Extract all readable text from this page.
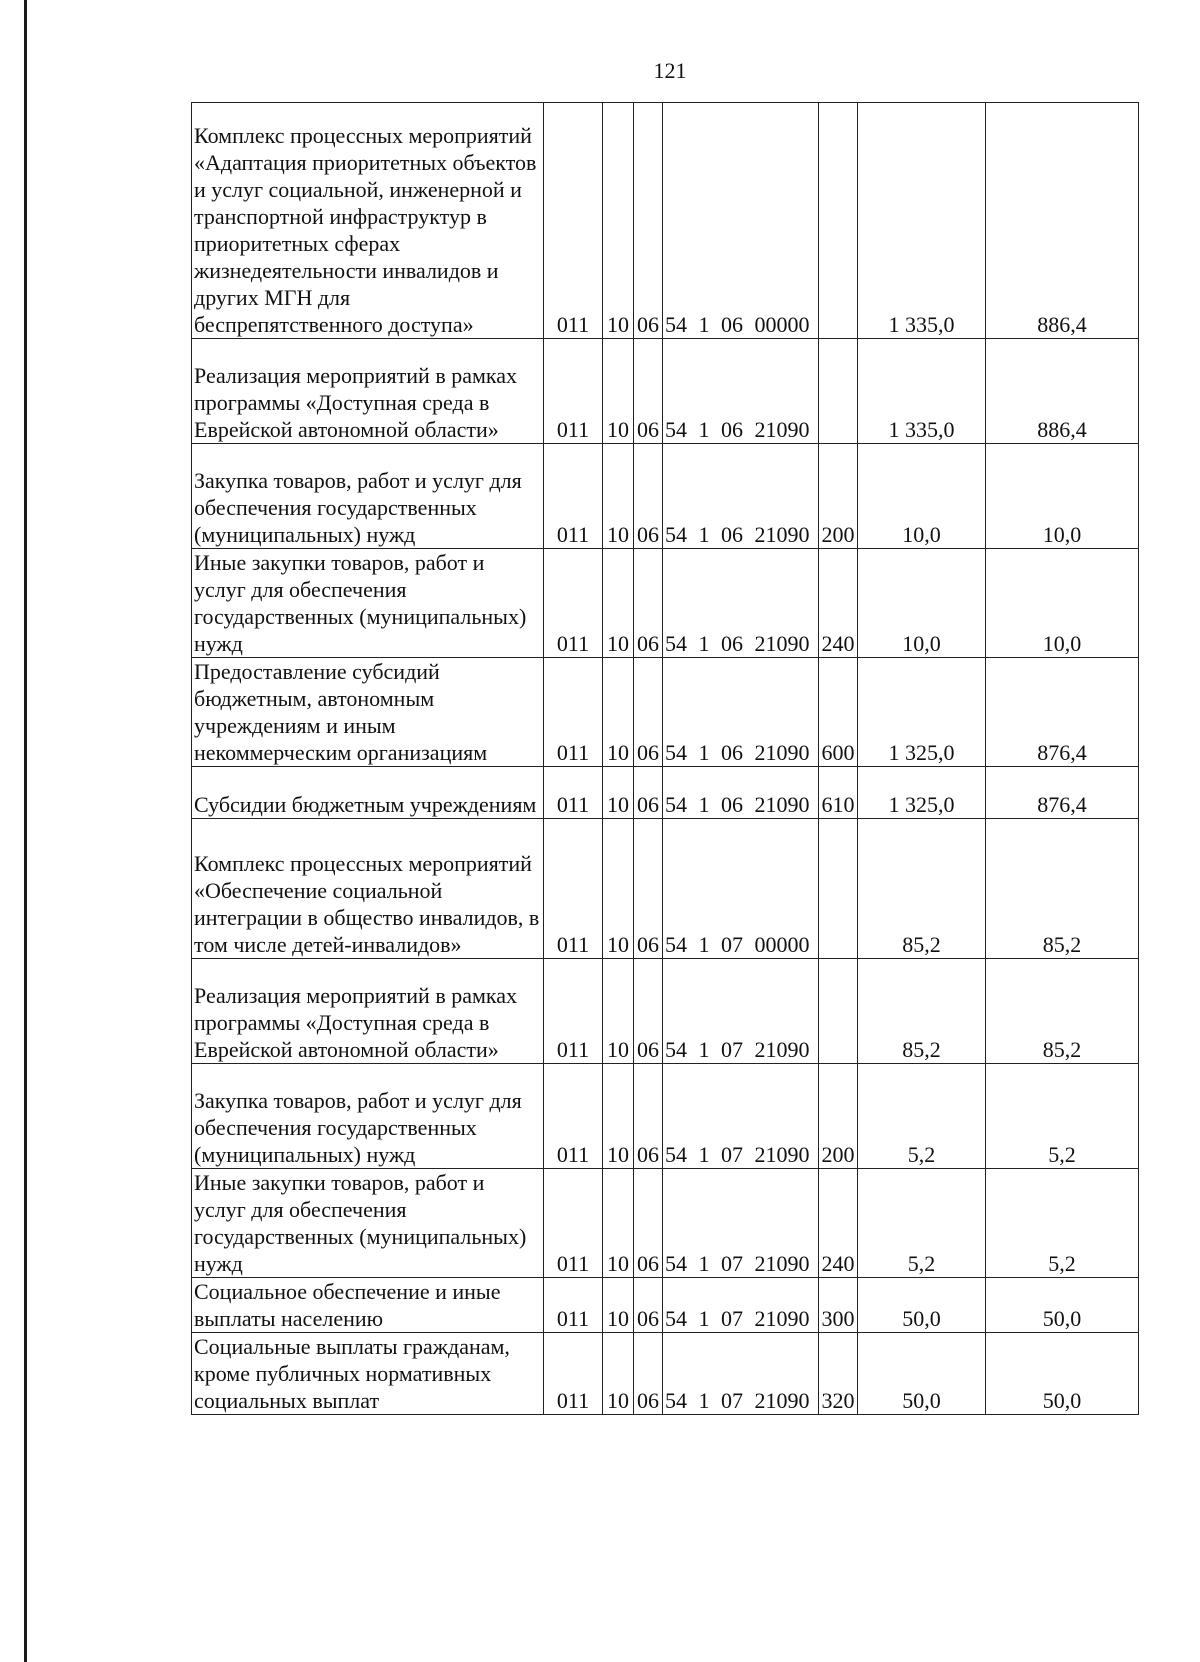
121
Комплекс процессных мероприятий «Адаптация приоритетных объектов и услуг социальной, инженерной и транспортной инфраструктур в приоритетных сферах жизнедеятельности инвалидов и других МГН для беспрепятственного доступа»	011	10	06	54 1 06 00000		1 335,0	886,4
Реализация мероприятий в рамках программы «Доступная среда в Еврейской автономной области»	011	10	06	54 1 06 21090		1 335,0	886,4
Закупка товаров, работ и услуг для обеспечения государственных (муниципальных) нужд	011	10	06	54 1 06 21090	200	10,0	10,0
Иные закупки товаров, работ и услуг для обеспечения государственных (муниципальных) нужд	011	10	06	54 1 06 21090	240	10,0	10,0
Предоставление субсидий бюджетным, автономным учреждениям и иным некоммерческим организациям	011	10	06	54 1 06 21090	600	1 325,0	876,4
Субсидии бюджетным учреждениям	011	10	06	54 1 06 21090	610	1 325,0	876,4
Комплекс процессных мероприятий «Обеспечение социальной интеграции в общество инвалидов, в том числе детей-инвалидов»	011	10	06	54 1 07 00000		85,2	85,2
Реализация мероприятий в рамках программы «Доступная среда в Еврейской автономной области»	011	10	06	54 1 07 21090		85,2	85,2
Закупка товаров, работ и услуг для обеспечения государственных (муниципальных) нужд	011	10	06	54 1 07 21090	200	5,2	5,2
Иные закупки товаров, работ и услуг для обеспечения государственных (муниципальных) нужд	011	10	06	54 1 07 21090	240	5,2	5,2
Социальное обеспечение и иные выплаты населению	011	10	06	54 1 07 21090	300	50,0	50,0
Социальные выплаты гражданам, кроме публичных нормативных социальных выплат	011	10	06	54 1 07 21090	320	50,0	50,0
